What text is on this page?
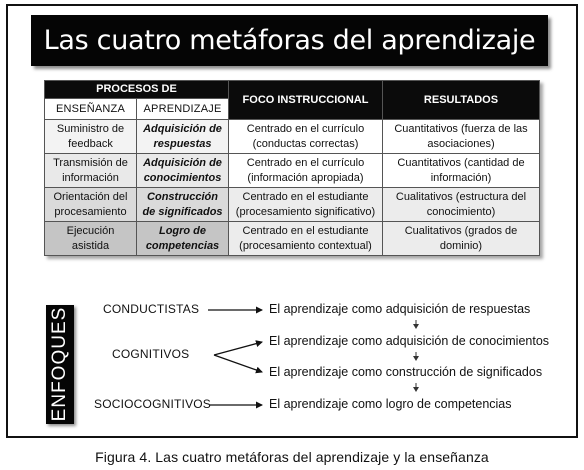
Las cuatro metáforas del aprendizaje
PROCESOS DE		FOCO INSTRUCCIONAL	RESULTADOS
ENSEÑANZA	APRENDIZAJE		
Suministro de feedback	Adquisición de respuestas	Centrado en el currículo (conductas correctas)	Cuantitativos (fuerza de las asociaciones)
Transmisión de información	Adquisición de conocimientos	Centrado en el currículo (información apropiada)	Cuantitativos (cantidad de información)
Orientación del procesamiento	Construcción de significados	Centrado en el estudiante (procesamiento significativo)	Cualitativos (estructura del conocimiento)
Ejecución asistida	Logro de competencias	Centrado en el estudiante (procesamiento contextual)	Cualitativos (grados de dominio)
ENFOQUES	CONDUCTISTAS
COGNITIVOS
SOCIOCOGNITIVOS
El aprendizaje como adquisición de respuestas
El aprendizaje como adquisición de conocimientos
El aprendizaje como construcción de significados
El aprendizaje como logro de competencias
Figura 4. Las cuatro metáforas del aprendizaje y la enseñanza
